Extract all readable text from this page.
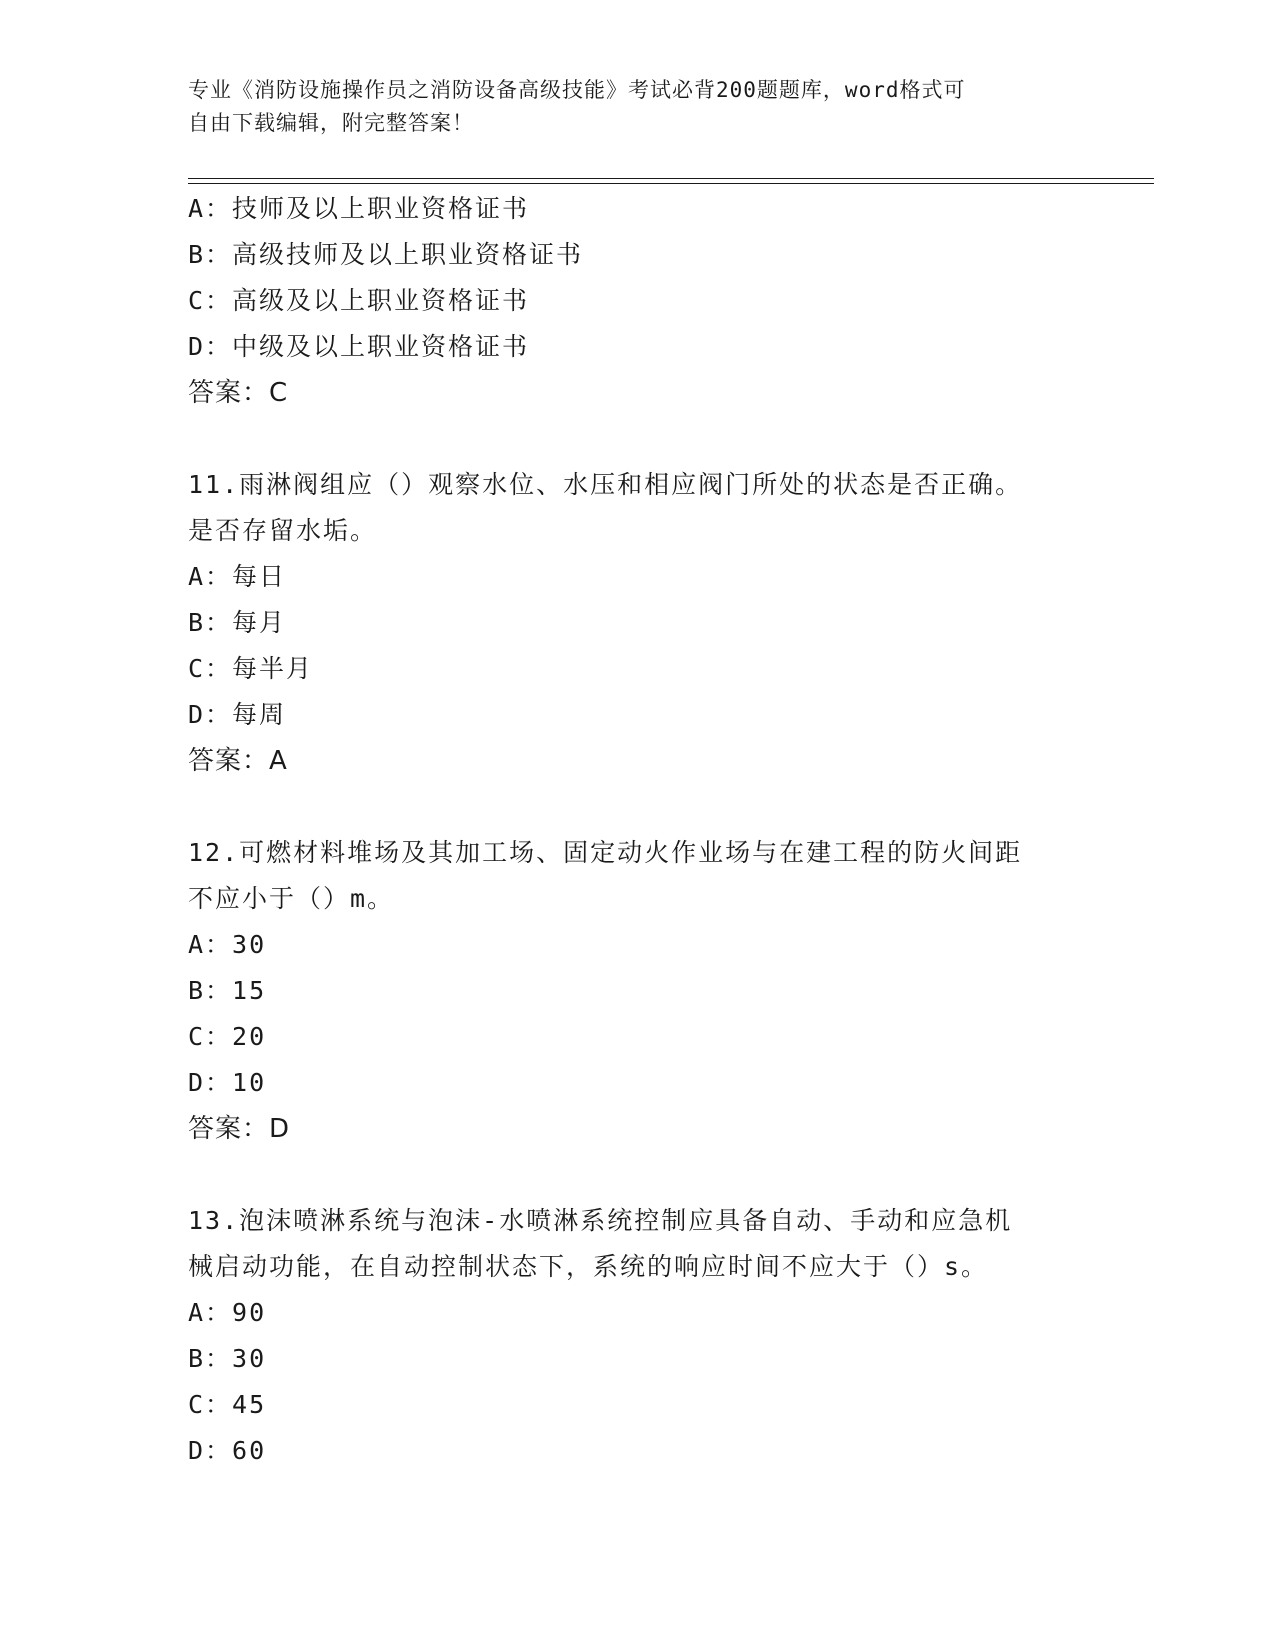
专业《消防设施操作员之消防设备高级技能》考试必背200题题库，word格式可
自由下载编辑，附完整答案！
A：技师及以上职业资格证书
B：高级技师及以上职业资格证书
C：高级及以上职业资格证书
D：中级及以上职业资格证书
答案：C
11.雨淋阀组应（）观察水位、水压和相应阀门所处的状态是否正确。
是否存留水垢。
A：每日
B：每月
C：每半月
D：每周
答案：A
12.可燃材料堆场及其加工场、固定动火作业场与在建工程的防火间距
不应小于（）m。
A：30
B：15
C：20
D：10
答案：D
13.泡沫喷淋系统与泡沫-水喷淋系统控制应具备自动、手动和应急机
械启动功能，在自动控制状态下，系统的响应时间不应大于（）s。
A：90
B：30
C：45
D：60
